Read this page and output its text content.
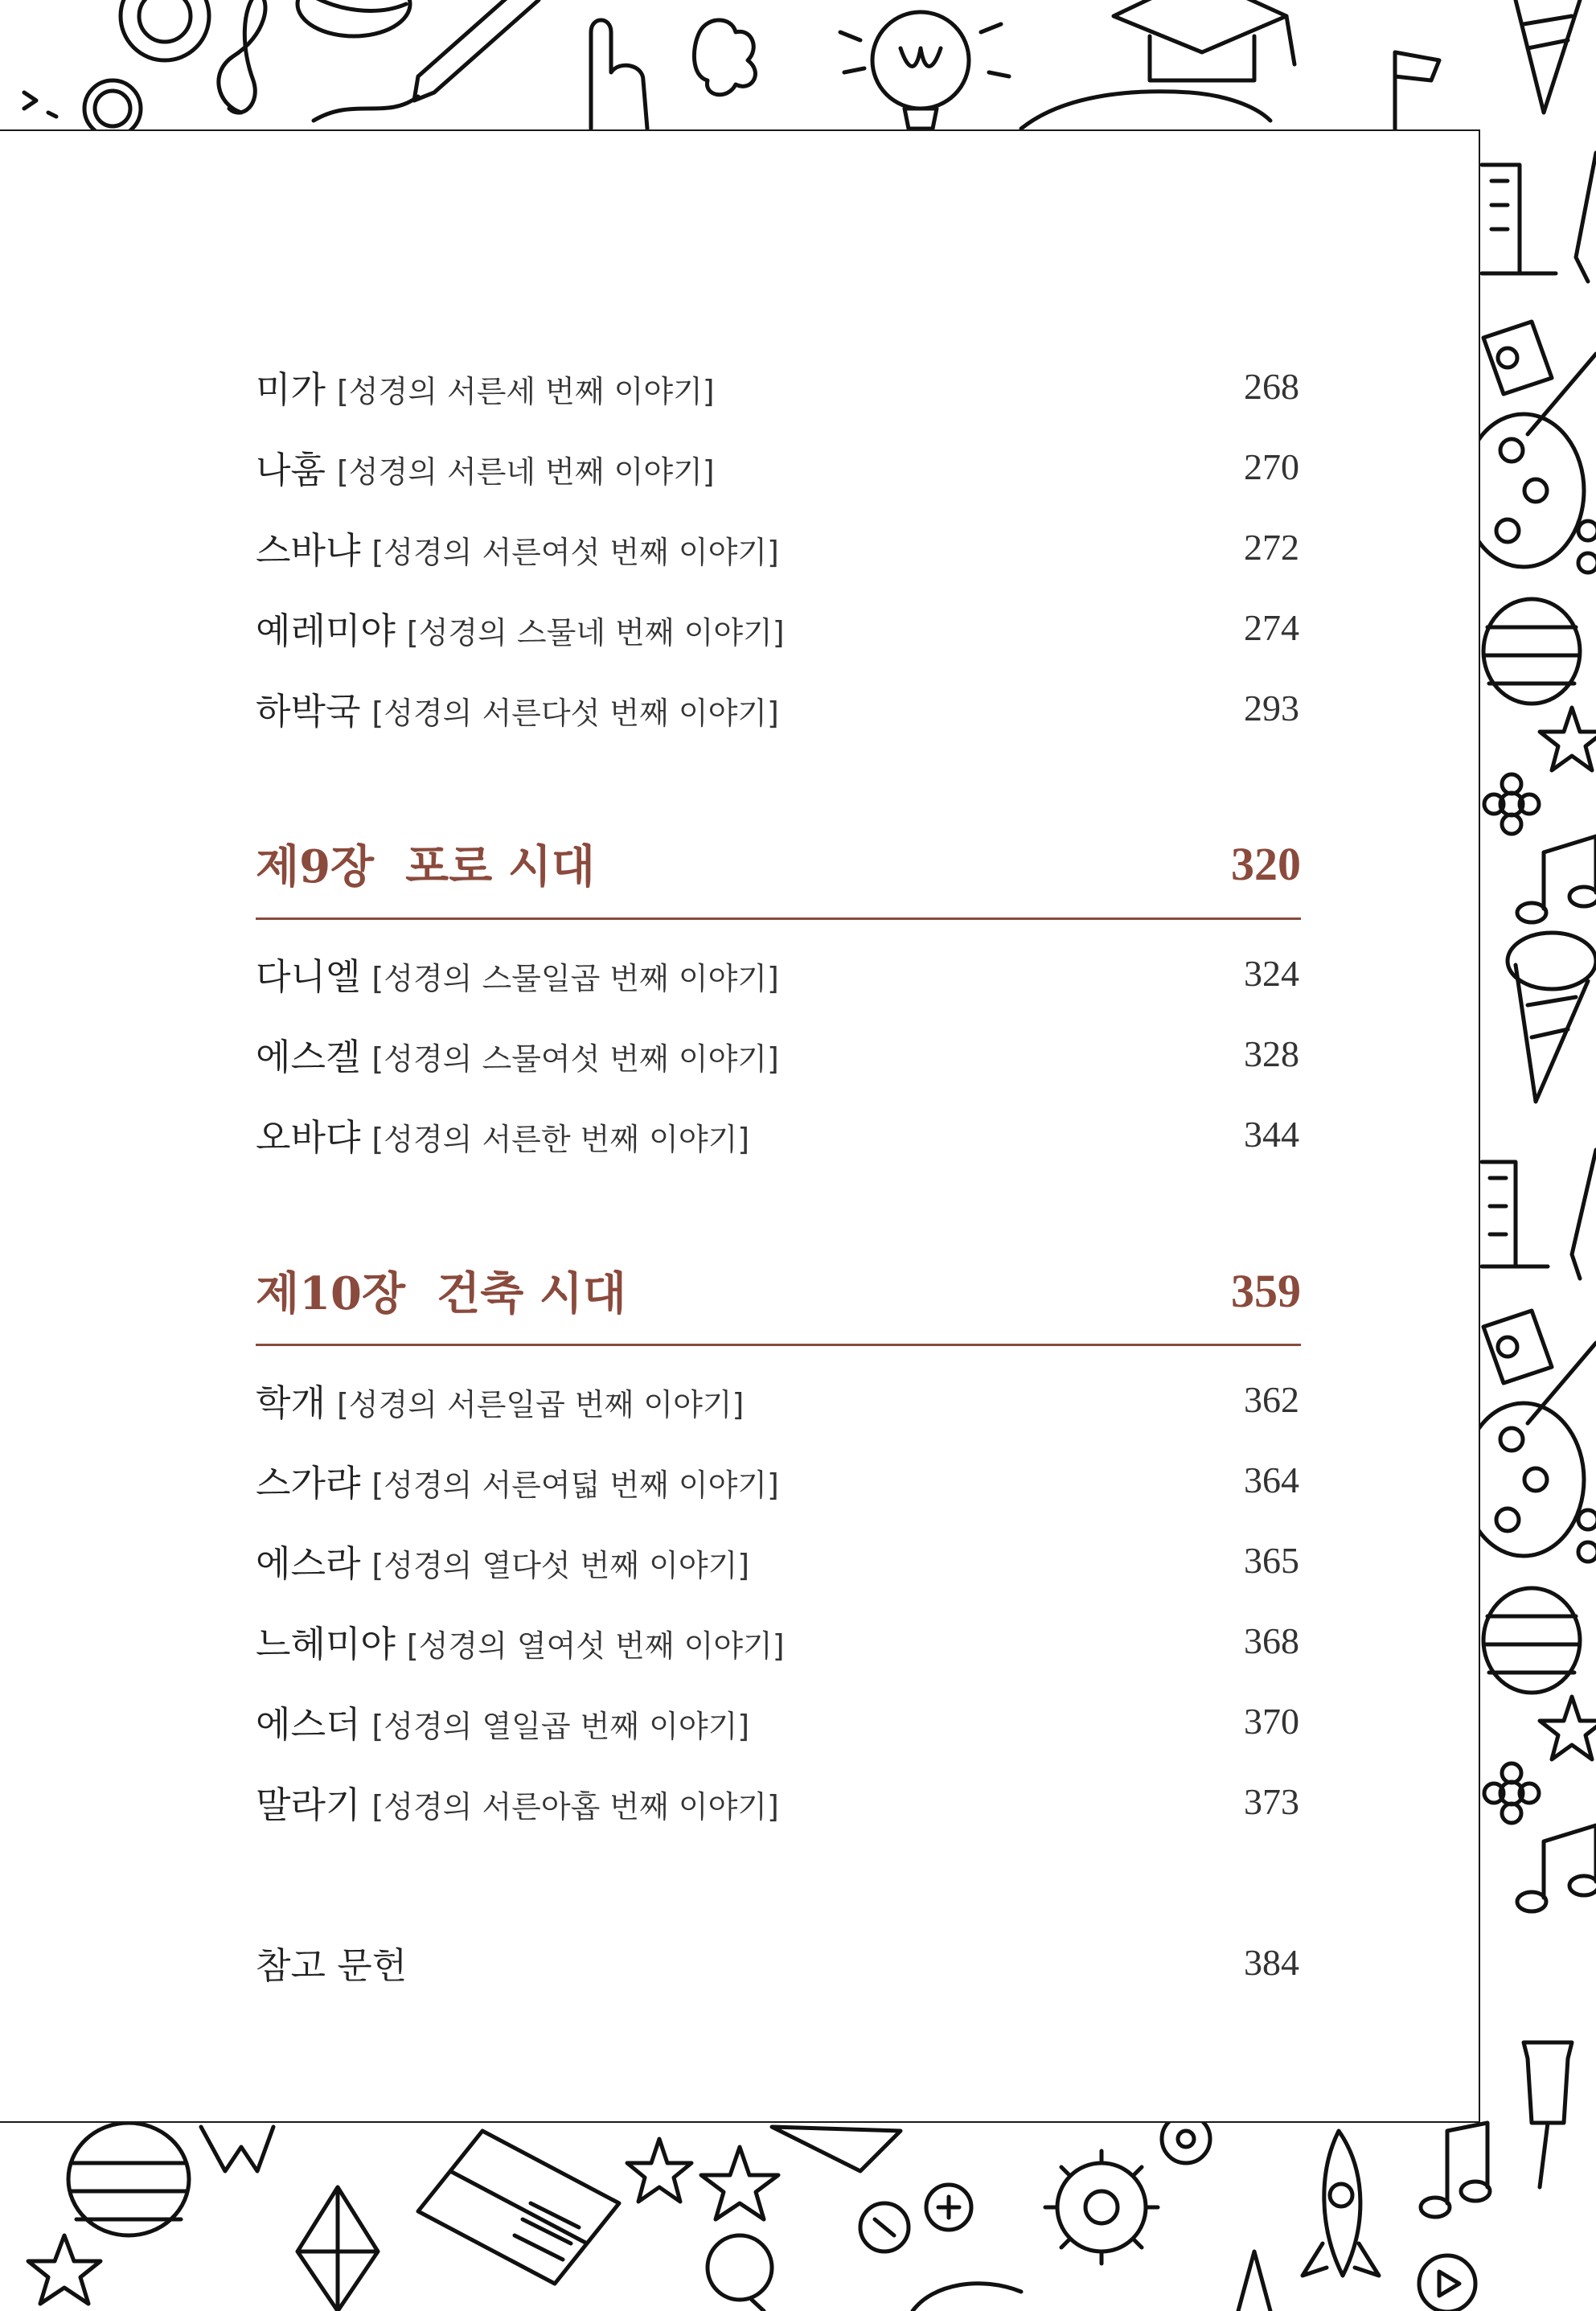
미가 [성경의 서른세 번째 이야기]	268
나훔 [성경의 서른네 번째 이야기]	270
스바냐 [성경의 서른여섯 번째 이야기]	272
예레미야 [성경의 스물네 번째 이야기]	274
하박국 [성경의 서른다섯 번째 이야기]	293
제9장  포로 시대	320
다니엘 [성경의 스물일곱 번째 이야기]	324
에스겔 [성경의 스물여섯 번째 이야기]	328
오바댜 [성경의 서른한 번째 이야기]	344
제10장  건축 시대	359
학개 [성경의 서른일곱 번째 이야기]	362
스가랴 [성경의 서른여덟 번째 이야기]	364
에스라 [성경의 열다섯 번째 이야기]	365
느헤미야 [성경의 열여섯 번째 이야기]	368
에스더 [성경의 열일곱 번째 이야기]	370
말라기 [성경의 서른아홉 번째 이야기]	373
참고 문헌	384
